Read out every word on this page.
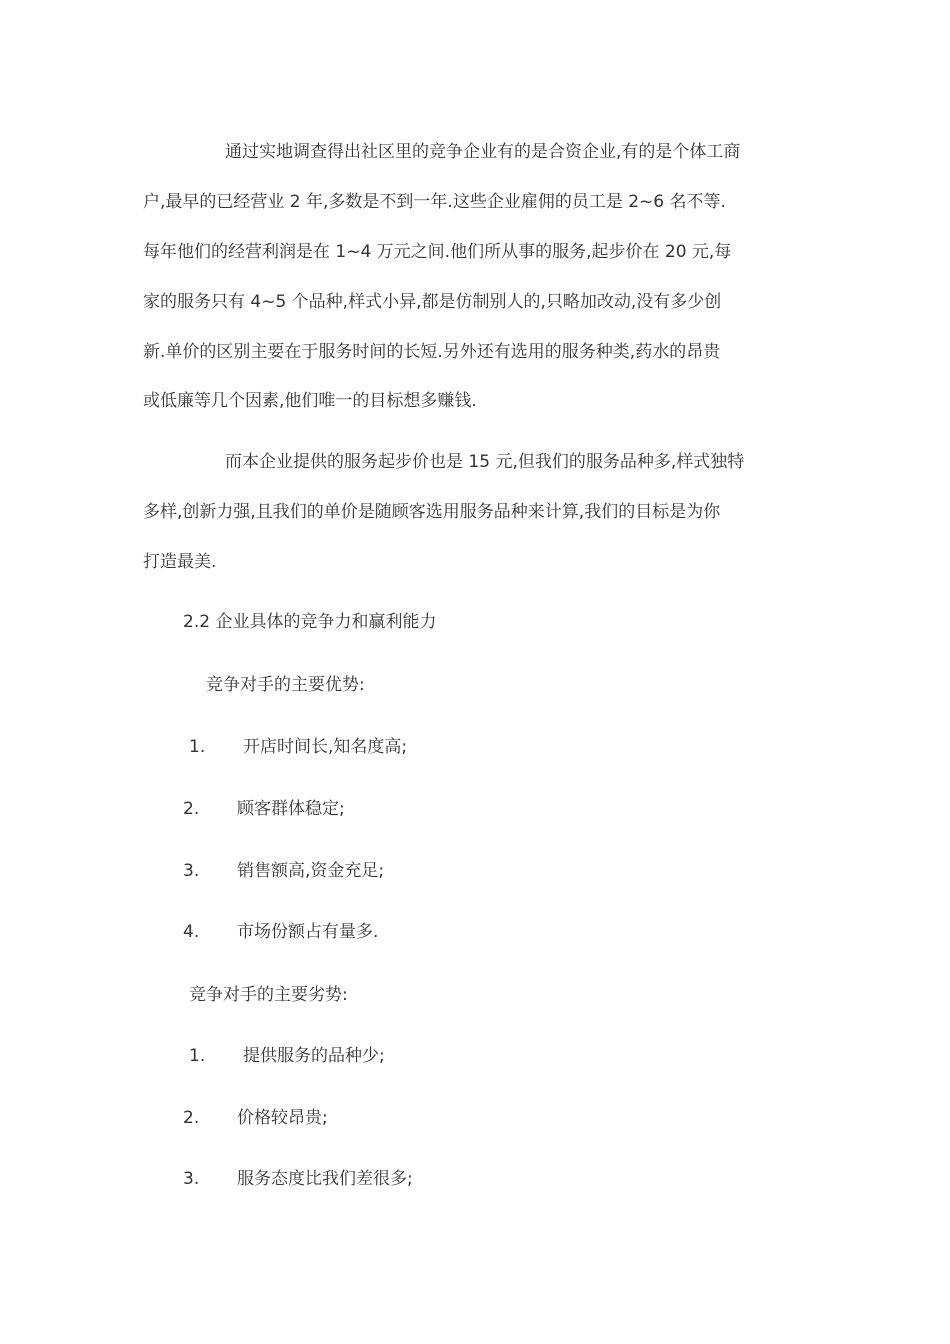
通过实地调查得出社区里的竞争企业有的是合资企业,有的是个体工商
户,最早的已经营业 2 年,多数是不到一年.这些企业雇佣的员工是 2~6 名不等.
每年他们的经营利润是在 1~4 万元之间.他们所从事的服务,起步价在 20 元,每
家的服务只有 4~5 个品种,样式小异,都是仿制别人的,只略加改动,没有多少创
新.单价的区别主要在于服务时间的长短.另外还有选用的服务种类,药水的昂贵
或低廉等几个因素,他们唯一的目标想多赚钱.
而本企业提供的服务起步价也是 15 元,但我们的服务品种多,样式独特
多样,创新力强,且我们的单价是随顾客选用服务品种来计算,我们的目标是为你
打造最美.
2.2 企业具体的竞争力和赢利能力
竞争对手的主要优势:
1. 开店时间长,知名度高;
2. 顾客群体稳定;
3. 销售额高,资金充足;
4. 市场份额占有量多.
竞争对手的主要劣势:
1. 提供服务的品种少;
2. 价格较昂贵;
3. 服务态度比我们差很多;
